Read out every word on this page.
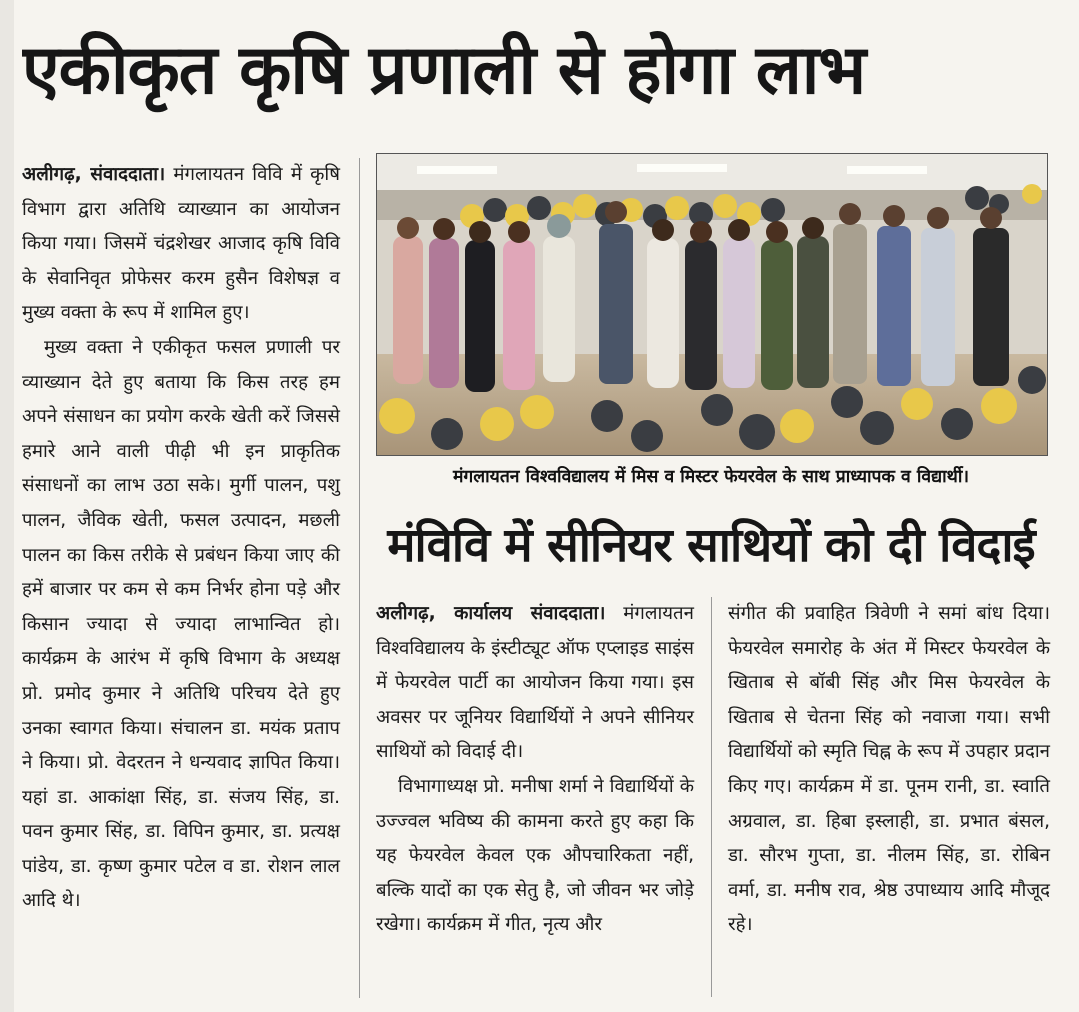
एकीकृत कृषि प्रणाली से होगा लाभ

अलीगढ़, संवाददाता। मंगलायतन विवि में कृषि विभाग द्वारा अतिथि व्याख्यान का आयोजन किया गया। जिसमें चंद्रशेखर आजाद कृषि विवि के सेवानिवृत प्रोफेसर करम हुसैन विशेषज्ञ व मुख्य वक्ता के रूप में शामिल हुए।

मुख्य वक्ता ने एकीकृत फसल प्रणाली पर व्याख्यान देते हुए बताया कि किस तरह हम अपने संसाधन का प्रयोग करके खेती करें जिससे हमारे आने वाली पीढ़ी भी इन प्राकृतिक संसाधनों का लाभ उठा सके। मुर्गी पालन, पशु पालन, जैविक खेती, फसल उत्पादन, मछली पालन का किस तरीके से प्रबंधन किया जाए की हमें बाजार पर कम से कम निर्भर होना पड़े और किसान ज्यादा से ज्यादा लाभान्वित हो। कार्यक्रम के आरंभ में कृषि विभाग के अध्यक्ष प्रो. प्रमोद कुमार ने अतिथि परिचय देते हुए उनका स्वागत किया। संचालन डा. मयंक प्रताप ने किया। प्रो. वेदरतन ने धन्यवाद ज्ञापित किया। यहां डा. आकांक्षा सिंह, डा. संजय सिंह, डा. पवन कुमार सिंह, डा. विपिन कुमार, डा. प्रत्यक्ष पांडेय, डा. कृष्ण कुमार पटेल व डा. रोशन लाल आदि थे।

मंगलायतन विश्वविद्यालय में मिस व मिस्टर फेयरवेल के साथ प्राध्यापक व विद्यार्थी।
मंविवि में सीनियर साथियों को दी विदाई

अलीगढ़, कार्यालय संवाददाता। मंगलायतन विश्वविद्यालय के इंस्टीट्यूट ऑफ एप्लाइड साइंस में फेयरवेल पार्टी का आयोजन किया गया। इस अवसर पर जूनियर विद्यार्थियों ने अपने सीनियर साथियों को विदाई दी।

विभागाध्यक्ष प्रो. मनीषा शर्मा ने विद्यार्थियों के उज्ज्वल भविष्य की कामना करते हुए कहा कि यह फेयरवेल केवल एक औपचारिकता नहीं, बल्कि यादों का एक सेतु है, जो जीवन भर जोड़े रखेगा। कार्यक्रम में गीत, नृत्य और

संगीत की प्रवाहित त्रिवेणी ने समां बांध दिया। फेयरवेल समारोह के अंत में मिस्टर फेयरवेल के खिताब से बॉबी सिंह और मिस फेयरवेल के खिताब से चेतना सिंह को नवाजा गया। सभी विद्यार्थियों को स्मृति चिह्न के रूप में उपहार प्रदान किए गए। कार्यक्रम में डा. पूनम रानी, डा. स्वाति अग्रवाल, डा. हिबा इस्लाही, डा. प्रभात बंसल, डा. सौरभ गुप्ता, डा. नीलम सिंह, डा. रोबिन वर्मा, डा. मनीष राव, श्रेष्ठ उपाध्याय आदि मौजूद रहे।
